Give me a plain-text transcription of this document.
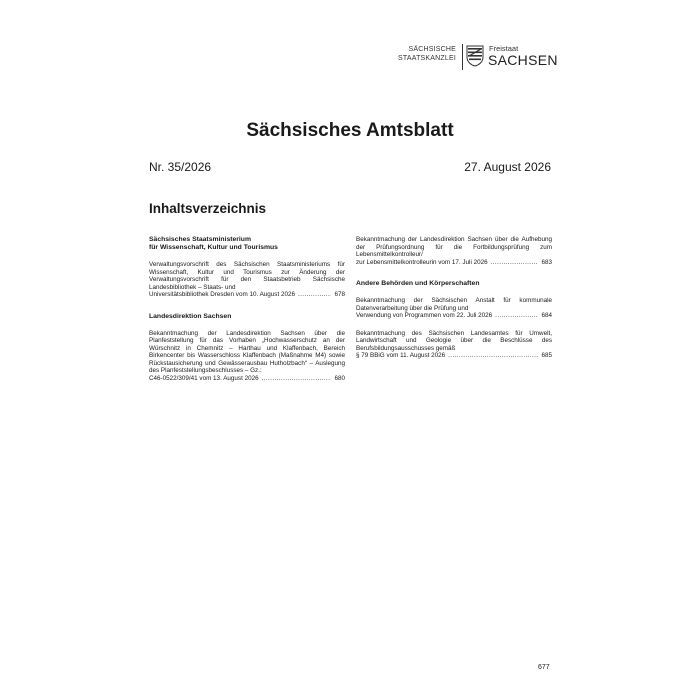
SÄCHSISCHE
STAATSKANZLEI
Freistaat
SACHSEN
Sächsisches Amtsblatt
Nr. 35/2026	27. August 2026
Inhaltsverzeichnis
Sächsisches Staatsministerium
für Wissenschaft, Kultur und Tourismus
Verwaltungsvorschrift des Sächsischen Staatsministeriums für Wissenschaft, Kultur und Tourismus zur Änderung der Verwaltungsvorschrift für den Staatsbetrieb Sächsische Landesbibliothek – Staats- und
Universitätsbibliothek Dresden vom 10. August 2026 .....	678
Landesdirektion Sachsen
Bekanntmachung der Landesdirektion Sachsen über die Planfeststellung für das Vorhaben „Hochwasserschutz an der Würschnitz in Chemnitz – Harthau und Klaffenbach, Bereich Birkencenter bis Wasserschloss Klaffenbach (Maßnahme M4) sowie Rückstausicherung und Gewässerausbau Hutholzbach“ – Auslegung des Planfeststellungsbeschlusses – Gz.:
C46-0522/309/41 vom 13. August 2026 .....	680
Bekanntmachung der Landesdirektion Sachsen über die Aufhebung der Prüfungsordnung für die Fortbildungsprüfung zum Lebensmittelkontrolleur/
zur Lebensmittelkontrolleurin vom 17. Juli 2026 .....	683
Andere Behörden und Körperschaften
Bekanntmachung der Sächsischen Anstalt für kommunale Datenverarbeitung über die Prüfung und
Verwendung von Programmen vom 22. Juli 2026 .....	684
Bekanntmachung des Sächsischen Landesamtes für Umwelt, Landwirtschaft und Geologie über die Beschlüsse des Berufsbildungsausschusses gemäß
§ 79 BBiG vom 11. August 2026 .....	685
677
